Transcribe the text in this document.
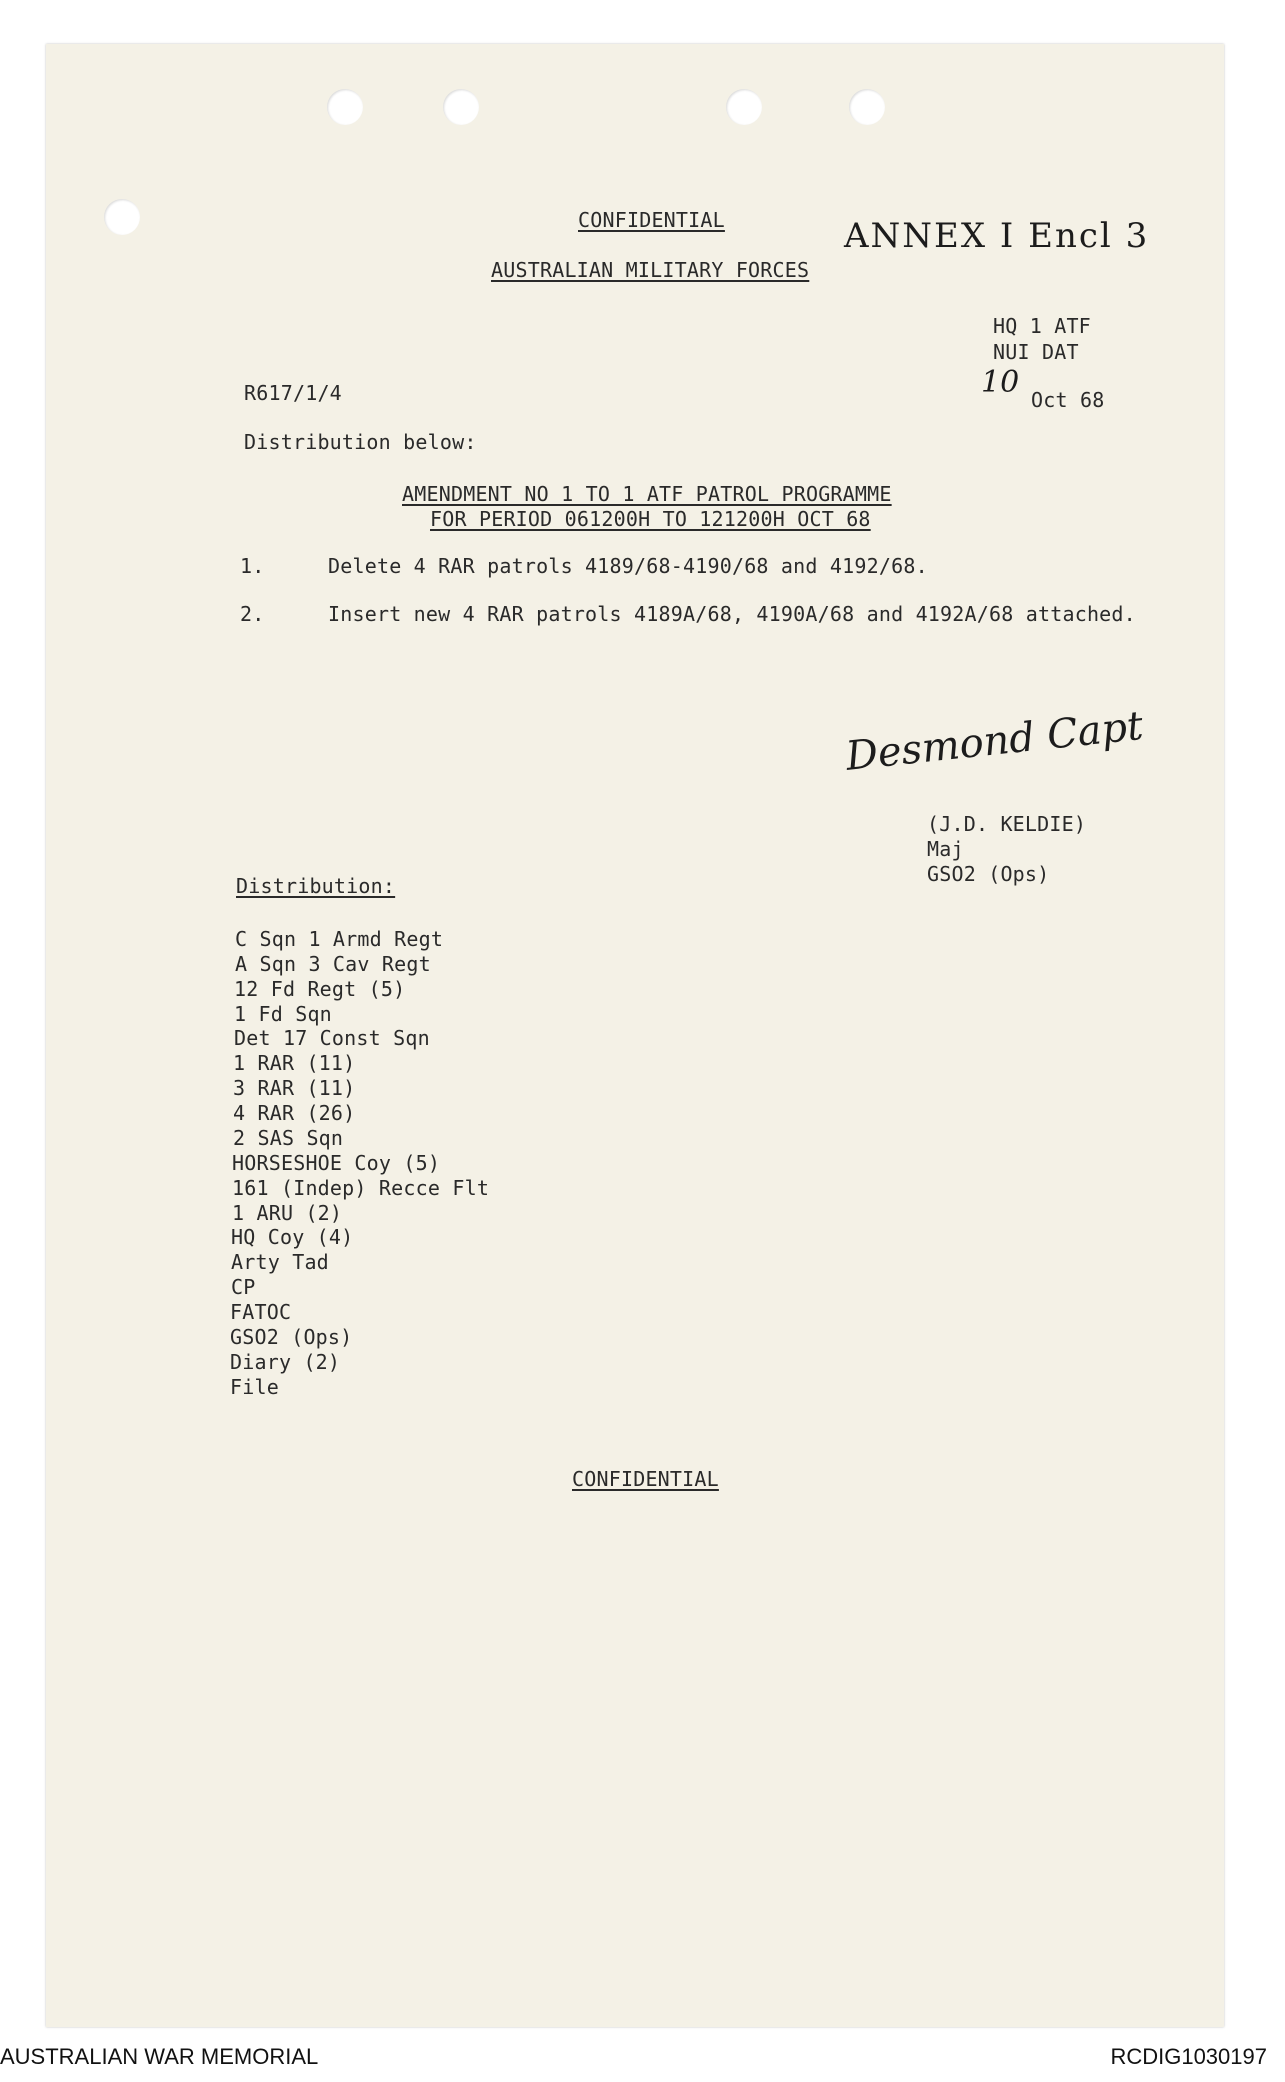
CONFIDENTIAL	ANNEX I Encl 3
AUSTRALIAN MILITARY FORCES
HQ 1 ATF
NUI DAT
10 Oct 68
R617/1/4
Distribution below:
AMENDMENT NO 1 TO 1 ATF PATROL PROGRAMME
FOR PERIOD 061200H TO 121200H OCT 68
1.	Delete 4 RAR patrols 4189/68-4190/68 and 4192/68.
2.	Insert new 4 RAR patrols 4189A/68, 4190A/68 and 4192A/68 attached.
Desmond Capt
(J.D. KELDIE)
Maj
GSO2 (Ops)
Distribution:
C Sqn 1 Armd Regt
A Sqn 3 Cav Regt
12 Fd Regt (5)
1 Fd Sqn
Det 17 Const Sqn
1 RAR (11)
3 RAR (11)
4 RAR (26)
2 SAS Sqn
HORSESHOE Coy (5)
161 (Indep) Recce Flt
1 ARU (2)
HQ Coy (4)
Arty Tad
CP
FATOC
GSO2 (Ops)
Diary (2)
File
CONFIDENTIAL
AUSTRALIAN WAR MEMORIAL	RCDIG1030197
